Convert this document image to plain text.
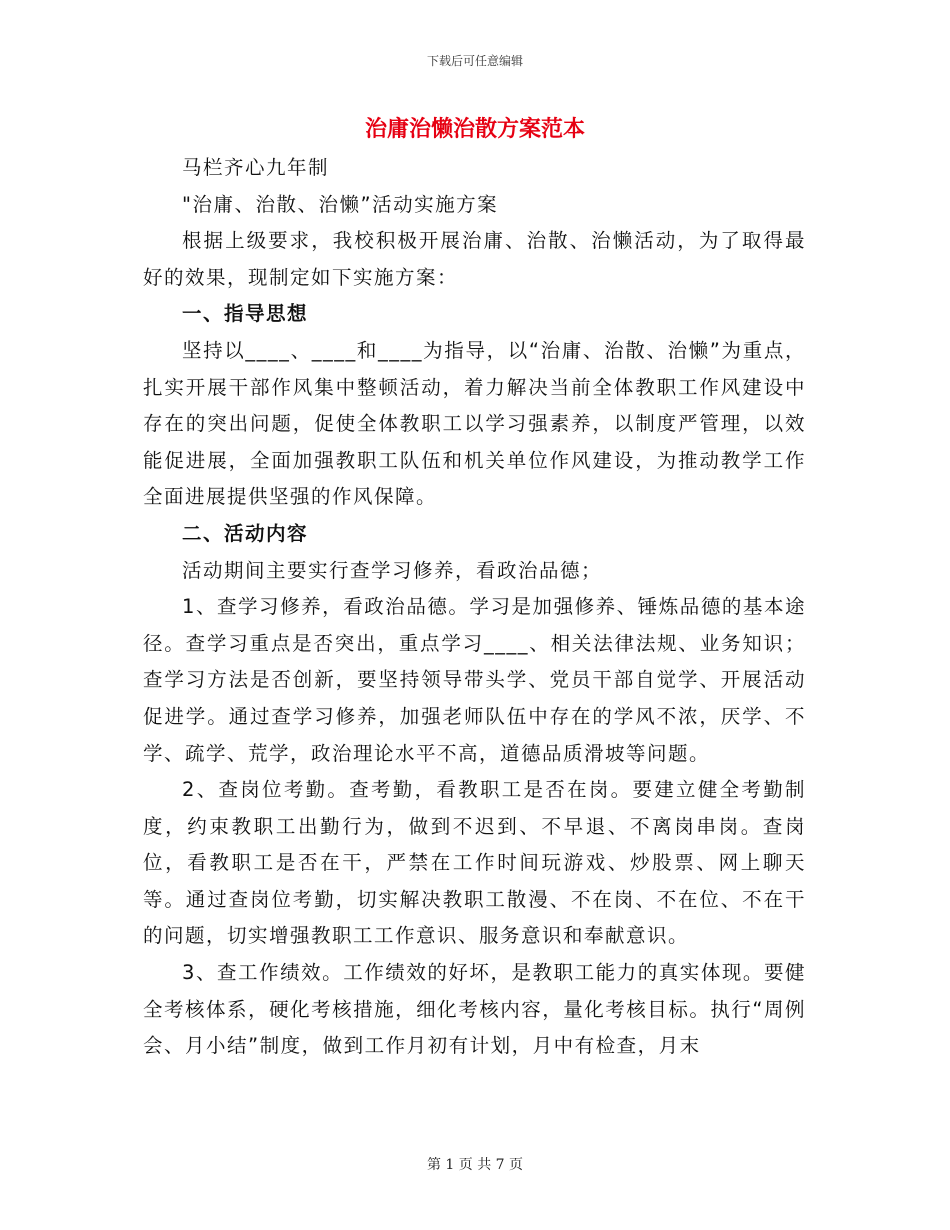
下载后可任意编辑
治庸治懒治散方案范本

马栏齐心九年制

"治庸、治散、治懒”活动实施方案

根据上级要求，我校积极开展治庸、治散、治懒活动，为了取得最好的效果，现制定如下实施方案：

一、指导思想

坚持以____、____和____为指导，以“治庸、治散、治懒”为重点，扎实开展干部作风集中整顿活动，着力解决当前全体教职工作风建设中存在的突出问题，促使全体教职工以学习强素养，以制度严管理，以效能促进展，全面加强教职工队伍和机关单位作风建设，为推动教学工作全面进展提供坚强的作风保障。

二、活动内容

活动期间主要实行查学习修养，看政治品德；

1、查学习修养，看政治品德。学习是加强修养、锤炼品德的基本途径。查学习重点是否突出，重点学习____、相关法律法规、业务知识；查学习方法是否创新，要坚持领导带头学、党员干部自觉学、开展活动促进学。通过查学习修养，加强老师队伍中存在的学风不浓，厌学、不学、疏学、荒学，政治理论水平不高，道德品质滑坡等问题。

2、查岗位考勤。查考勤，看教职工是否在岗。要建立健全考勤制度，约束教职工出勤行为，做到不迟到、不早退、不离岗串岗。查岗位，看教职工是否在干，严禁在工作时间玩游戏、炒股票、网上聊天等。通过查岗位考勤，切实解决教职工散漫、不在岗、不在位、不在干的问题，切实增强教职工工作意识、服务意识和奉献意识。

3、查工作绩效。工作绩效的好坏，是教职工能力的真实体现。要健全考核体系，硬化考核措施，细化考核内容，量化考核目标。执行“周例会、月小结”制度，做到工作月初有计划，月中有检查，月末

第 1 页 共 7 页
